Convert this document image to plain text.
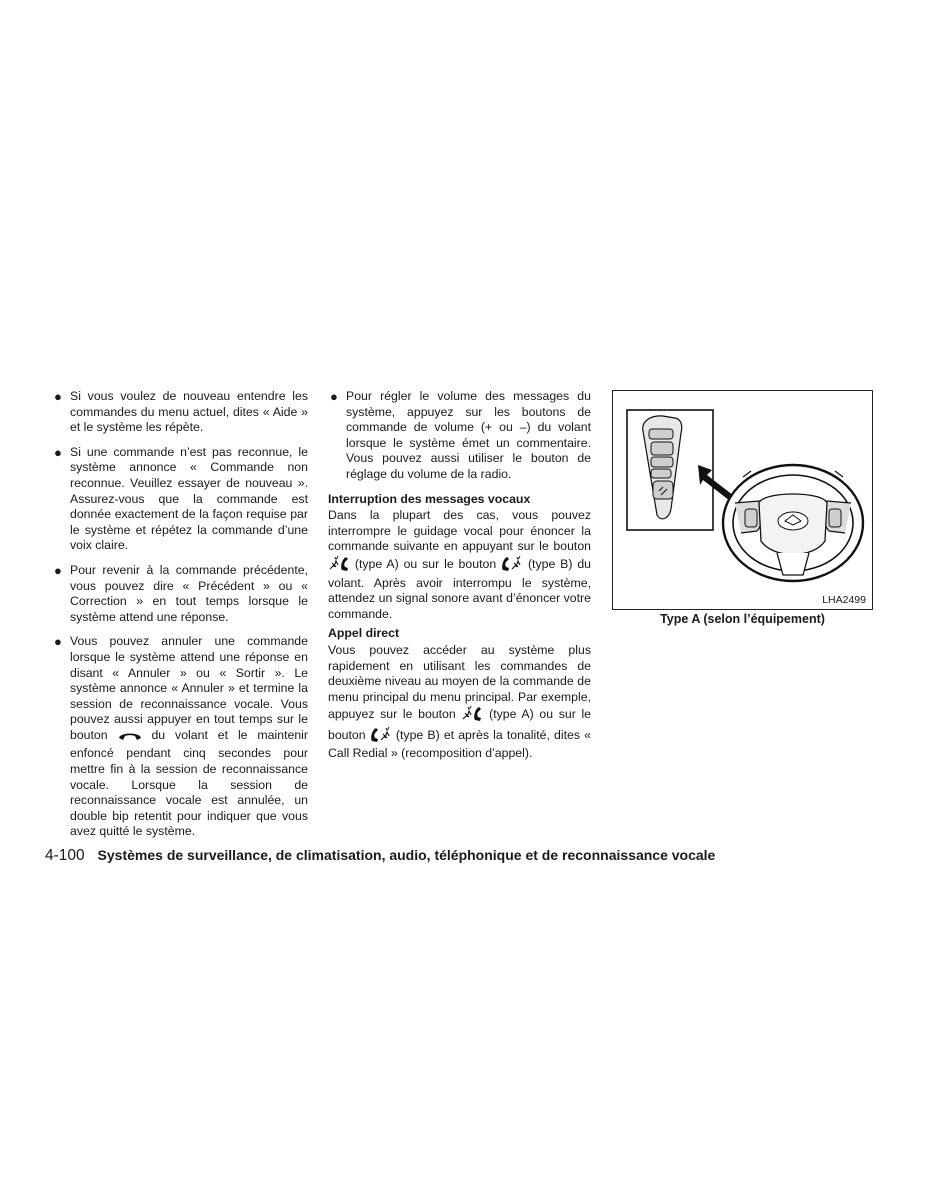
● Si vous voulez de nouveau entendre les commandes du menu actuel, dites « Aide » et le système les répète.
● Si une commande n’est pas reconnue, le système annonce « Commande non reconnue. Veuillez essayer de nouveau ». Assurez-vous que la commande est donnée exactement de la façon requise par le système et répétez la commande d’une voix claire.
● Pour revenir à la commande précédente, vous pouvez dire « Précédent » ou « Correction » en tout temps lorsque le système attend une réponse.
● Vous pouvez annuler une commande lorsque le système attend une réponse en disant « Annuler » ou « Sortir ». Le système annonce « Annuler » et termine la session de reconnaissance vocale. Vous pouvez aussi appuyer en tout temps sur le bouton	du volant et le maintenir enfoncé pendant cinq secondes pour mettre fin à la session de reconnaissance vocale. Lorsque la session de reconnaissance vocale est annulée, un double bip retentit pour indiquer que vous avez quitté le système.
● Pour régler le volume des messages du système, appuyez sur les boutons de commande de volume (+ ou –) du volant lorsque le système émet un commentaire. Vous pouvez aussi utiliser le bouton de réglage du volume de la radio.
Interruption des messages vocaux
Dans la plupart des cas, vous pouvez interrompre le guidage vocal pour énoncer la commande suivante en appuyant sur le bouton  (type A) ou sur le bouton	(type B) du volant. Après avoir interrompu le système, attendez un signal sonore avant d’énoncer votre commande.
Appel direct
Vous pouvez accéder au système plus rapidement en utilisant les commandes de deuxième niveau au moyen de la commande de menu principal du menu principal. Par exemple, appuyez sur le bouton	(type A) ou sur le bouton (type B) et après la tonalité, dites « Call Redial » (recomposition d’appel).
LHA2499
Type A (selon l’équipement)
4-100 Systèmes de surveillance, de climatisation, audio, téléphonique et de reconnaissance vocale
